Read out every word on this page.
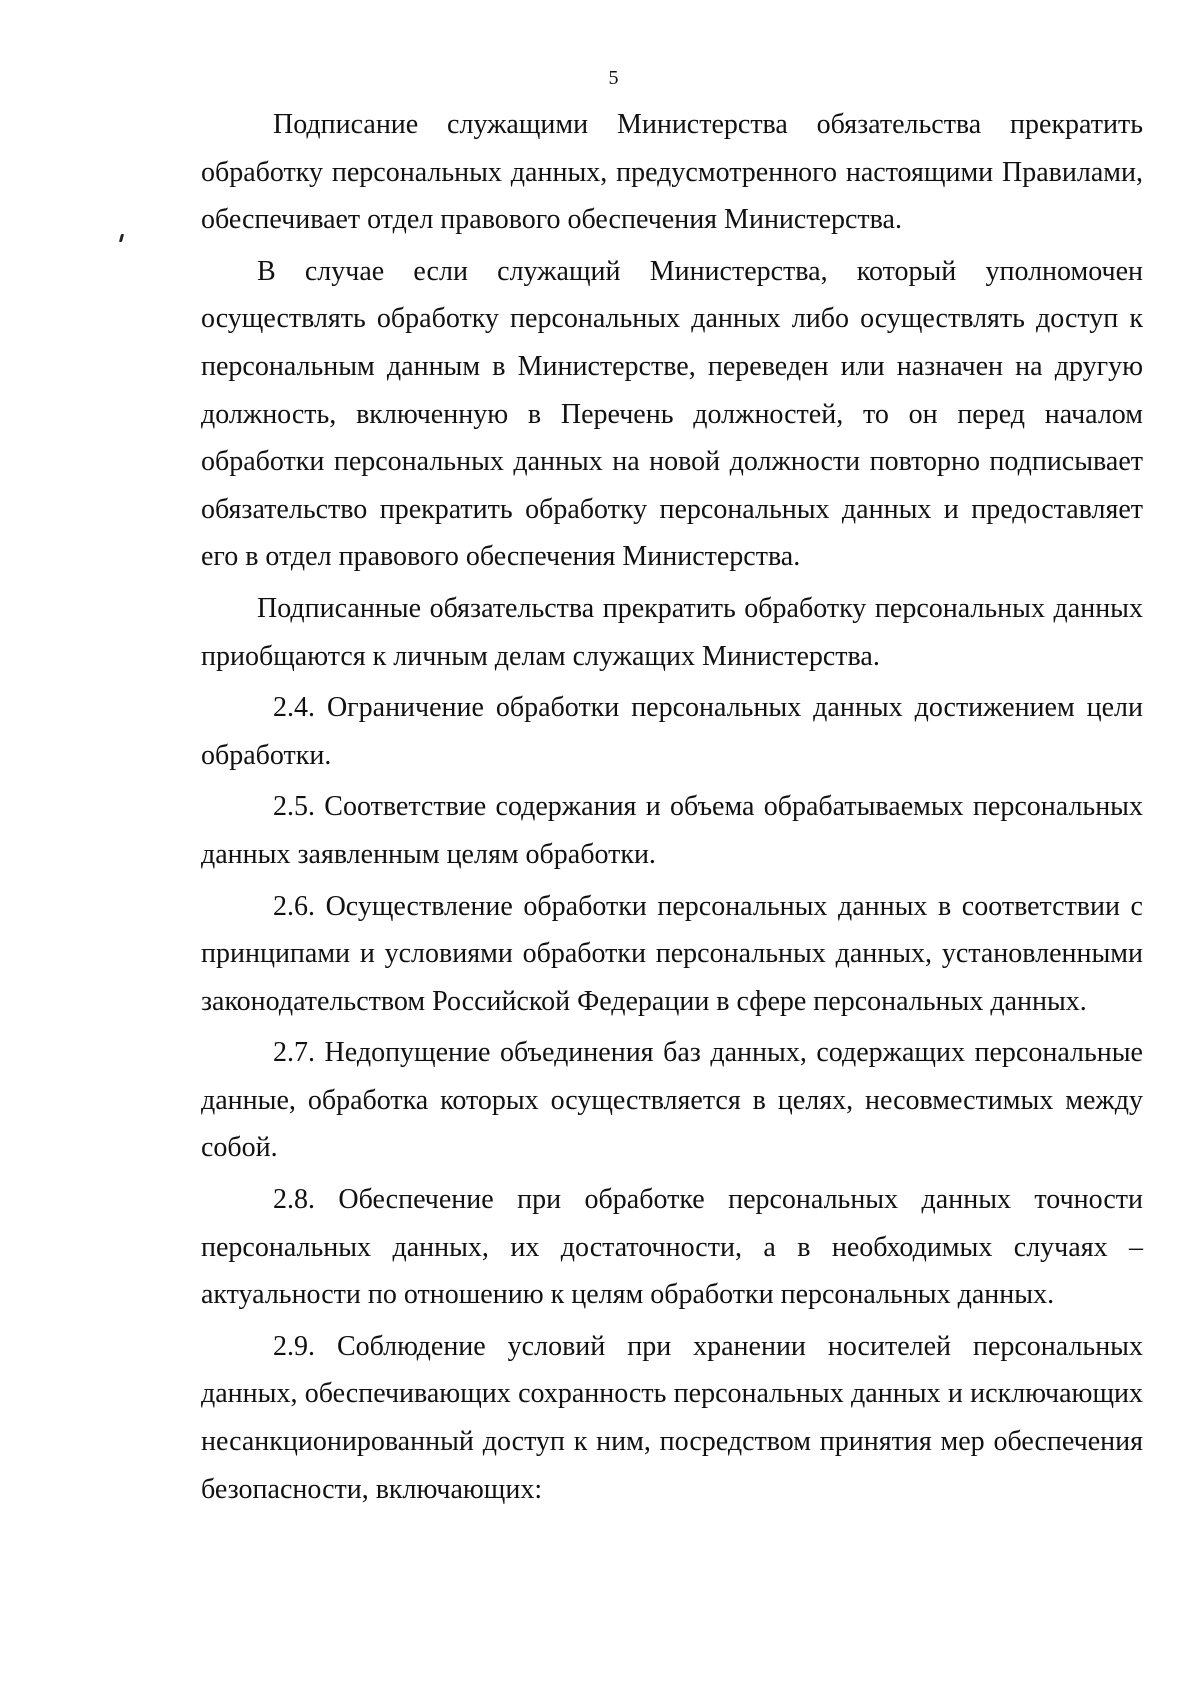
5

Подписание служащими Министерства обязательства прекратить обработку персональных данных, предусмотренного настоящими Правилами, обеспечивает отдел правового обеспечения Министерства.

В случае если служащий Министерства, который уполномочен осуществлять обработку персональных данных либо осуществлять доступ к персональным данным в Министерстве, переведен или назначен на другую должность, включенную в Перечень должностей, то он перед началом обработки персональных данных на новой должности повторно подписывает обязательство прекратить обработку персональных данных и предоставляет его в отдел правового обеспечения Министерства.

Подписанные обязательства прекратить обработку персональных данных приобщаются к личным делам служащих Министерства.

2.4. Ограничение обработки персональных данных достижением цели обработки.

2.5. Соответствие содержания и объема обрабатываемых персональных данных заявленным целям обработки.

2.6. Осуществление обработки персональных данных в соответствии с принципами и условиями обработки персональных данных, установленными законодательством Российской Федерации в сфере персональных данных.

2.7. Недопущение объединения баз данных, содержащих персональные данные, обработка которых осуществляется в целях, несовместимых между собой.

2.8. Обеспечение при обработке персональных данных точности персональных данных, их достаточности, а в необходимых случаях – актуальности по отношению к целям обработки персональных данных.

2.9. Соблюдение условий при хранении носителей персональных данных, обеспечивающих сохранность персональных данных и исключающих несанкционированный доступ к ним, посредством принятия мер обеспечения безопасности, включающих:
